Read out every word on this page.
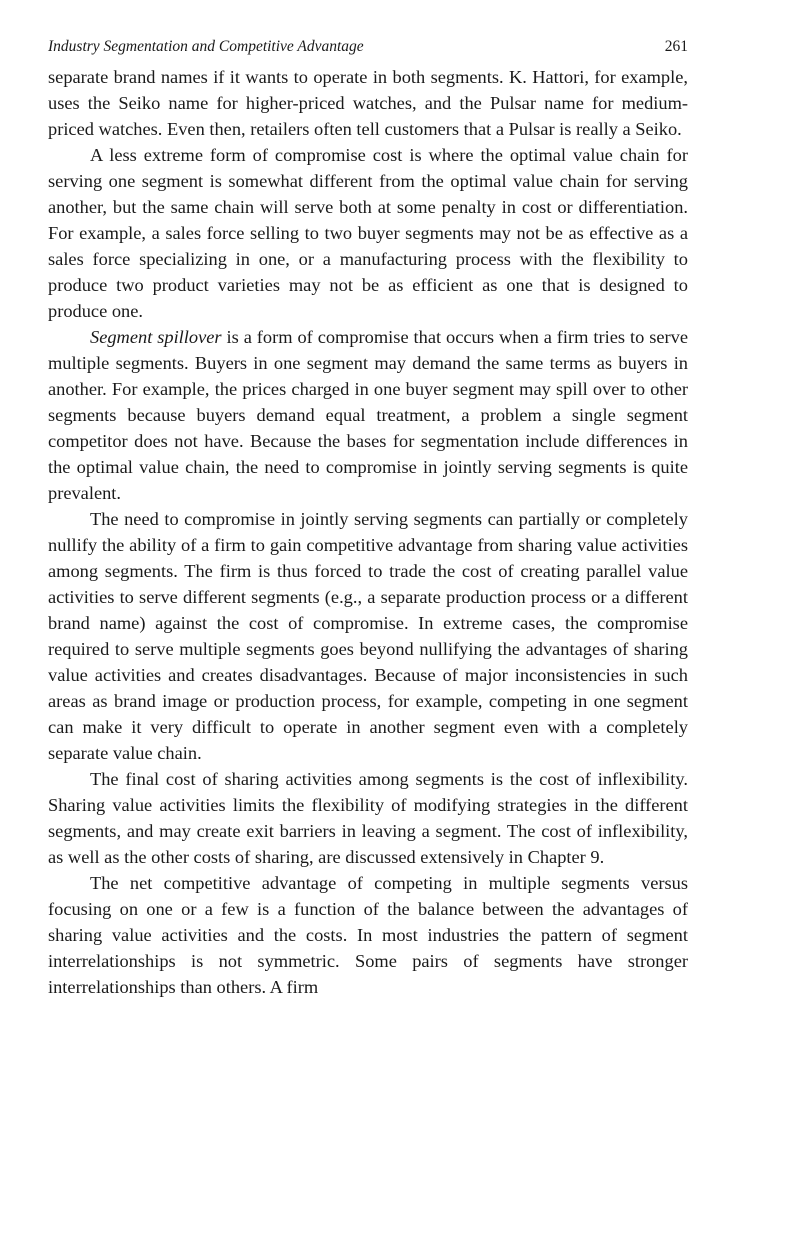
Industry Segmentation and Competitive Advantage	261

separate brand names if it wants to operate in both segments. K. Hattori, for example, uses the Seiko name for higher-priced watches, and the Pulsar name for medium-priced watches. Even then, retailers often tell customers that a Pulsar is really a Seiko.

A less extreme form of compromise cost is where the optimal value chain for serving one segment is somewhat different from the optimal value chain for serving another, but the same chain will serve both at some penalty in cost or differentiation. For example, a sales force selling to two buyer segments may not be as effective as a sales force specializing in one, or a manufacturing process with the flexibility to produce two product varieties may not be as efficient as one that is designed to produce one.

Segment spillover is a form of compromise that occurs when a firm tries to serve multiple segments. Buyers in one segment may demand the same terms as buyers in another. For example, the prices charged in one buyer segment may spill over to other segments because buyers demand equal treatment, a problem a single segment competitor does not have. Because the bases for segmentation include differences in the optimal value chain, the need to compromise in jointly serving segments is quite prevalent.

The need to compromise in jointly serving segments can partially or completely nullify the ability of a firm to gain competitive advantage from sharing value activities among segments. The firm is thus forced to trade the cost of creating parallel value activities to serve different segments (e.g., a separate production process or a different brand name) against the cost of compromise. In extreme cases, the compromise required to serve multiple segments goes beyond nullifying the advantages of sharing value activities and creates disadvantages. Because of major inconsistencies in such areas as brand image or production process, for example, competing in one segment can make it very difficult to operate in another segment even with a completely separate value chain.

The final cost of sharing activities among segments is the cost of inflexibility. Sharing value activities limits the flexibility of modifying strategies in the different segments, and may create exit barriers in leaving a segment. The cost of inflexibility, as well as the other costs of sharing, are discussed extensively in Chapter 9.

The net competitive advantage of competing in multiple segments versus focusing on one or a few is a function of the balance between the advantages of sharing value activities and the costs. In most industries the pattern of segment interrelationships is not symmetric. Some pairs of segments have stronger interrelationships than others. A firm
